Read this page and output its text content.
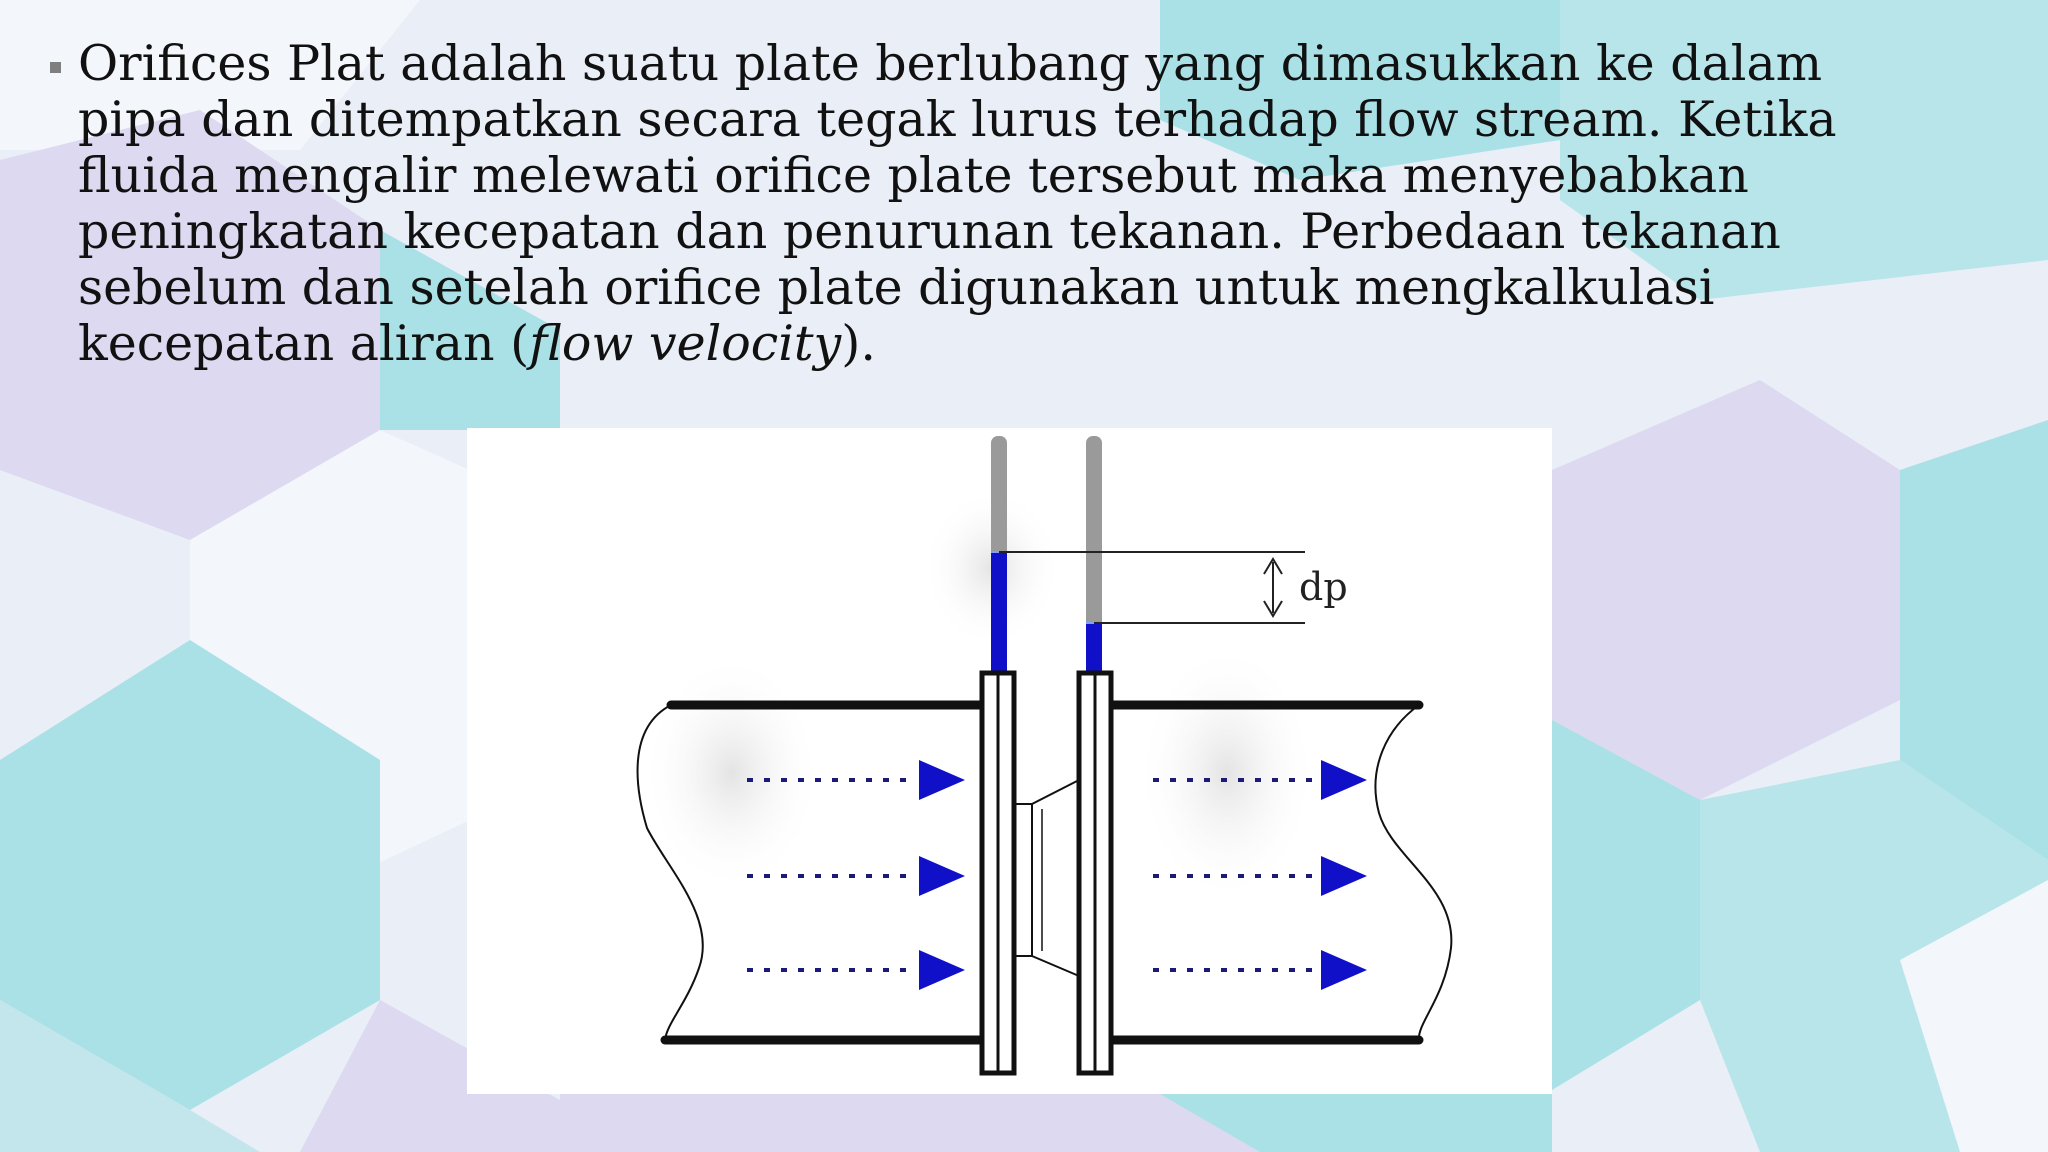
Orifices Plat adalah suatu plate berlubang yang dimasukkan ke dalam pipa dan ditempatkan secara tegak lurus terhadap flow stream. Ketika fluida mengalir melewati orifice plate tersebut maka menyebabkan peningkatan kecepatan dan penurunan tekanan. Perbedaan tekanan sebelum dan setelah orifice plate digunakan untuk mengkalkulasi kecepatan aliran (flow velocity).
dp
